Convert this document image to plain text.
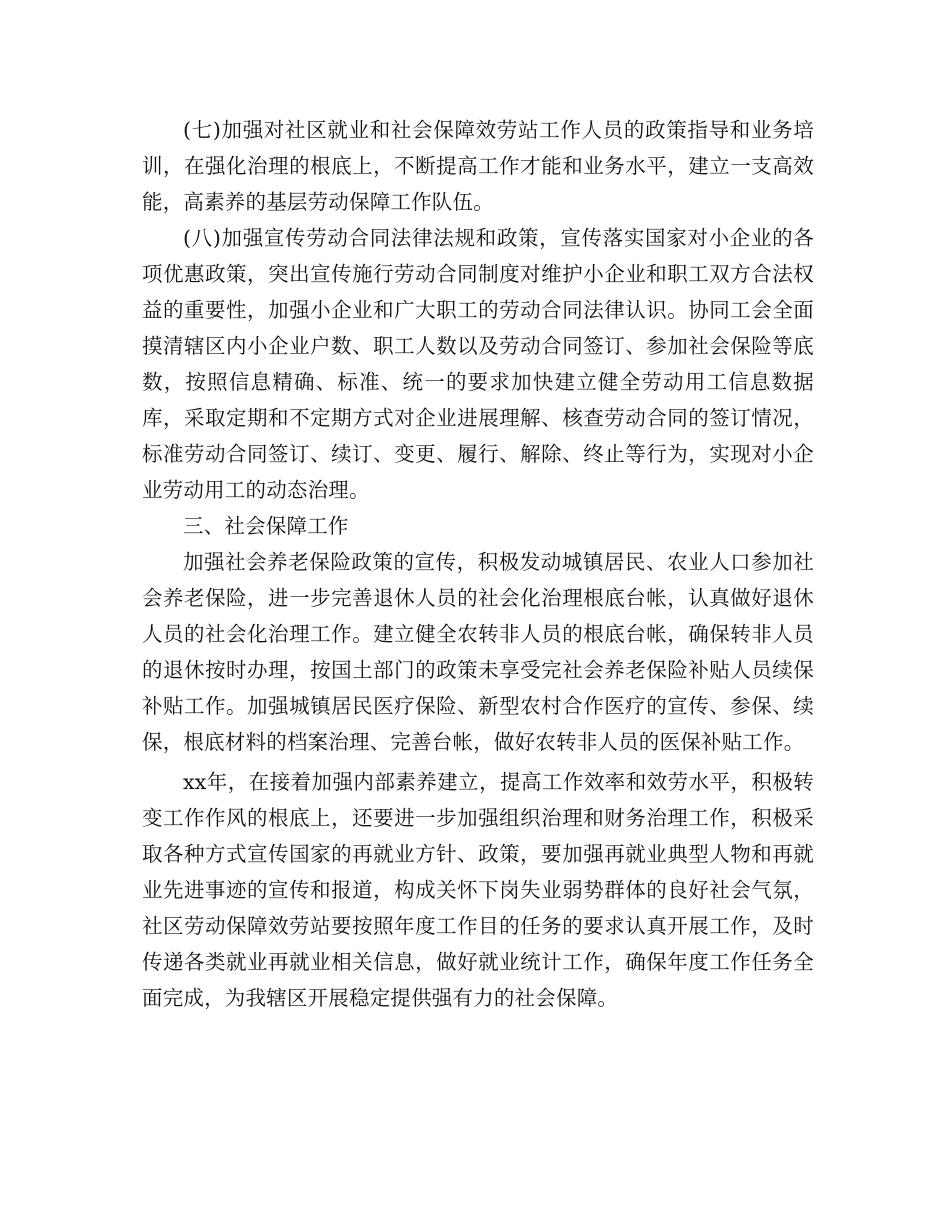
(七)加强对社区就业和社会保障效劳站工作人员的政策指导和业务培训，在强化治理的根底上，不断提高工作才能和业务水平，建立一支高效能，高素养的基层劳动保障工作队伍。

(八)加强宣传劳动合同法律法规和政策，宣传落实国家对小企业的各项优惠政策，突出宣传施行劳动合同制度对维护小企业和职工双方合法权益的重要性，加强小企业和广大职工的劳动合同法律认识。协同工会全面摸清辖区内小企业户数、职工人数以及劳动合同签订、参加社会保险等底数，按照信息精确、标准、统一的要求加快建立健全劳动用工信息数据库，采取定期和不定期方式对企业进展理解、核查劳动合同的签订情况，标准劳动合同签订、续订、变更、履行、解除、终止等行为，实现对小企业劳动用工的动态治理。

三、社会保障工作

加强社会养老保险政策的宣传，积极发动城镇居民、农业人口参加社会养老保险，进一步完善退休人员的社会化治理根底台帐，认真做好退休人员的社会化治理工作。建立健全农转非人员的根底台帐，确保转非人员的退休按时办理，按国土部门的政策未享受完社会养老保险补贴人员续保补贴工作。加强城镇居民医疗保险、新型农村合作医疗的宣传、参保、续保，根底材料的档案治理、完善台帐，做好农转非人员的医保补贴工作。

xx年，在接着加强内部素养建立，提高工作效率和效劳水平，积极转变工作作风的根底上，还要进一步加强组织治理和财务治理工作，积极采取各种方式宣传国家的再就业方针、政策，要加强再就业典型人物和再就业先进事迹的宣传和报道，构成关怀下岗失业弱势群体的良好社会气氛，社区劳动保障效劳站要按照年度工作目的任务的要求认真开展工作，及时传递各类就业再就业相关信息，做好就业统计工作，确保年度工作任务全面完成，为我辖区开展稳定提供强有力的社会保障。
